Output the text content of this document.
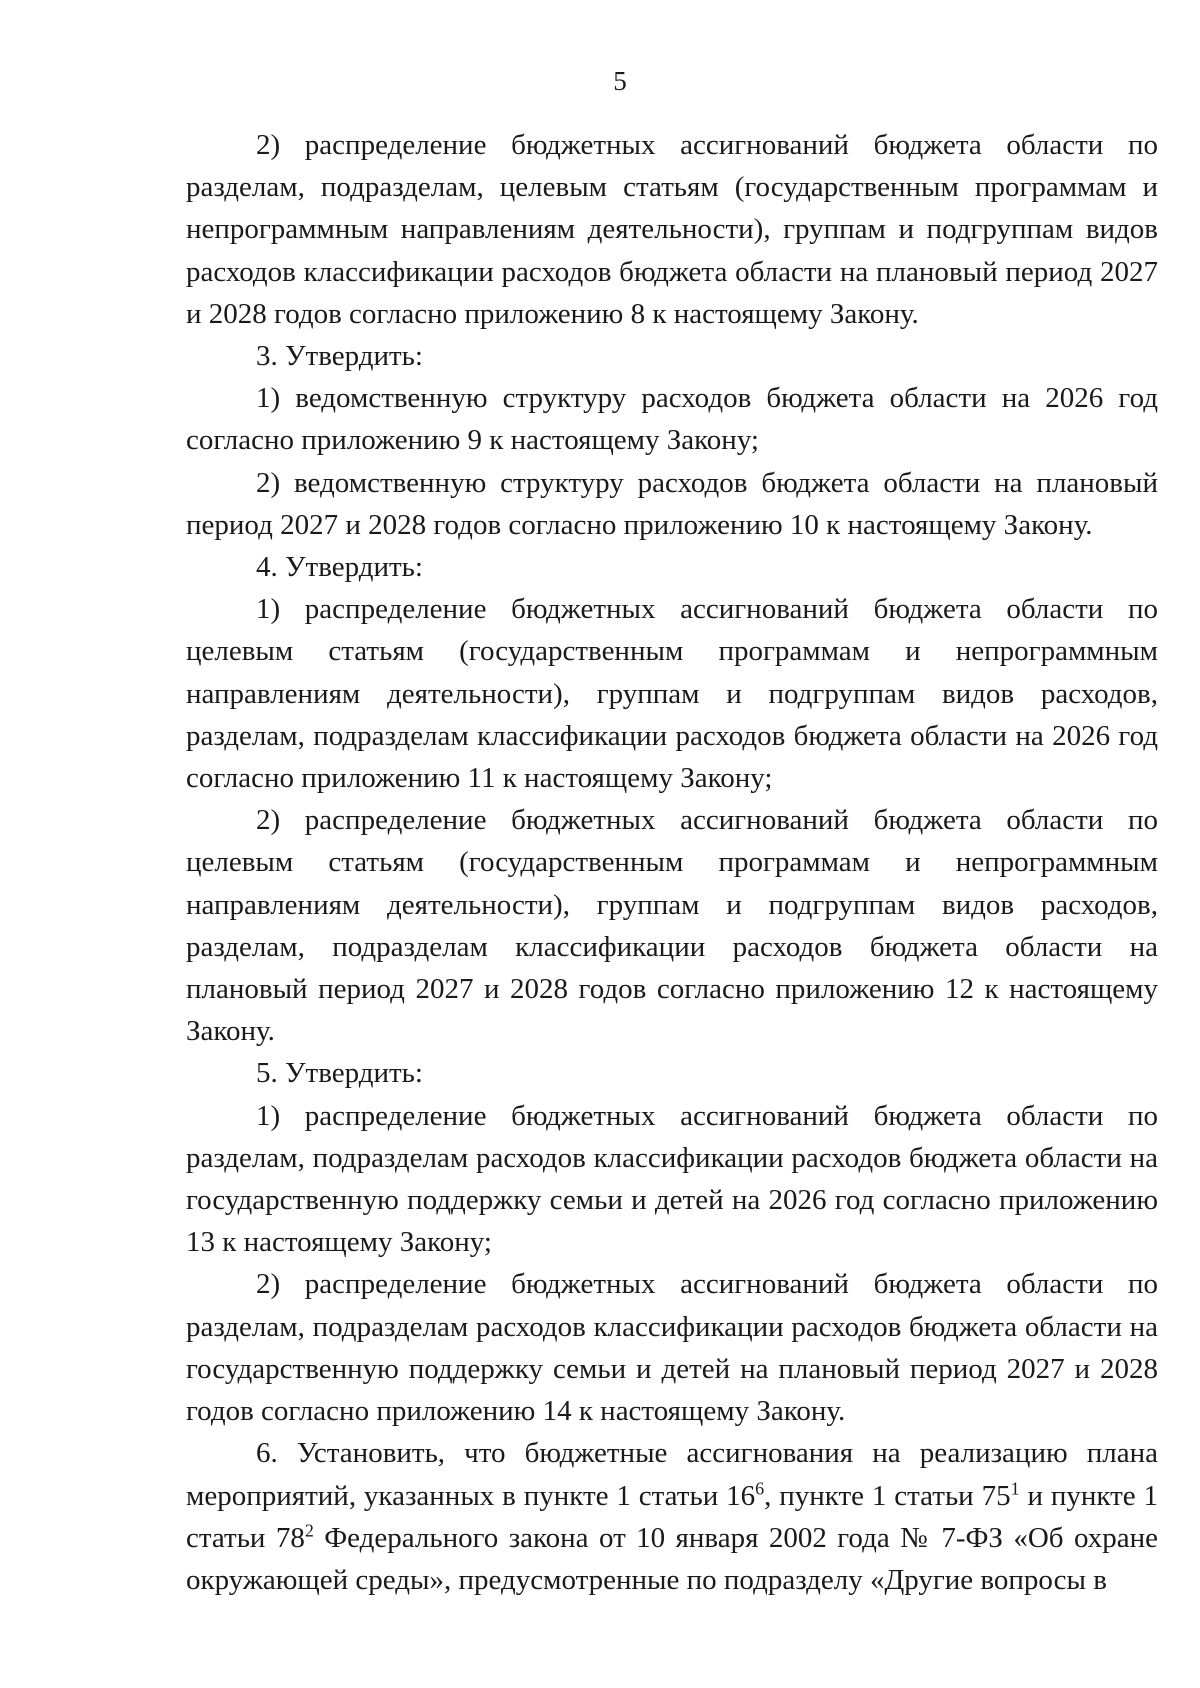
5

2) распределение бюджетных ассигнований бюджета области по разделам, подразделам, целевым статьям (государственным программам и непрограммным направлениям деятельности), группам и подгруппам видов расходов классификации расходов бюджета области на плановый период 2027 и 2028 годов согласно приложению 8 к настоящему Закону.

3. Утвердить:

1) ведомственную структуру расходов бюджета области на 2026 год согласно приложению 9 к настоящему Закону;

2) ведомственную структуру расходов бюджета области на плановый период 2027 и 2028 годов согласно приложению 10 к настоящему Закону.

4. Утвердить:

1) распределение бюджетных ассигнований бюджета области по целевым статьям (государственным программам и непрограммным направлениям деятельности), группам и подгруппам видов расходов, разделам, подразделам классификации расходов бюджета области на 2026 год согласно приложению 11 к настоящему Закону;

2) распределение бюджетных ассигнований бюджета области по целевым статьям (государственным программам и непрограммным направлениям деятельности), группам и подгруппам видов расходов, разделам, подразделам классификации расходов бюджета области на плановый период 2027 и 2028 годов согласно приложению 12 к настоящему Закону.

5. Утвердить:

1) распределение бюджетных ассигнований бюджета области по разделам, подразделам расходов классификации расходов бюджета области на государственную поддержку семьи и детей на 2026 год согласно приложению 13 к настоящему Закону;

2) распределение бюджетных ассигнований бюджета области по разделам, подразделам расходов классификации расходов бюджета области на государственную поддержку семьи и детей на плановый период 2027 и 2028 годов согласно приложению 14 к настоящему Закону.

6. Установить, что бюджетные ассигнования на реализацию плана мероприятий, указанных в пункте 1 статьи $16^6$, пункте 1 статьи $75^1$ и пункте 1 статьи $78^2$ Федерального закона от 10 января 2002 года № 7-ФЗ «Об охране окружающей среды», предусмотренные по подразделу «Другие вопросы в
